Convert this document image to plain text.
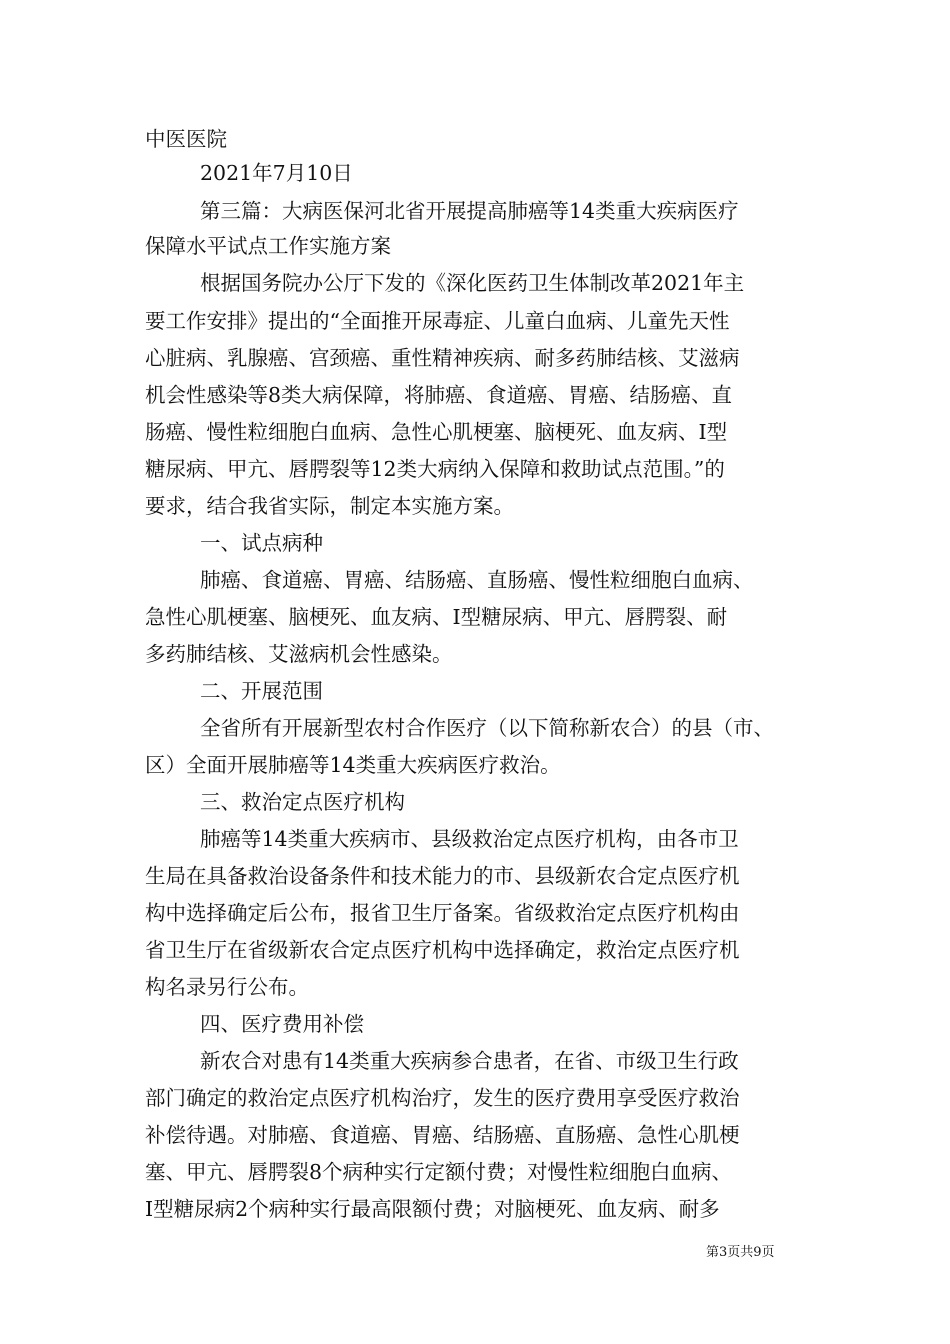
中医医院
2021年7月10日
第三篇：大病医保河北省开展提高肺癌等14类重大疾病医疗
保障水平试点工作实施方案
根据国务院办公厅下发的《深化医药卫生体制改革2021年主
要工作安排》提出的“全面推开尿毒症、儿童白血病、儿童先天性
心脏病、乳腺癌、宫颈癌、重性精神疾病、耐多药肺结核、艾滋病
机会性感染等8类大病保障，将肺癌、食道癌、胃癌、结肠癌、直
肠癌、慢性粒细胞白血病、急性心肌梗塞、脑梗死、血友病、Ⅰ型
糖尿病、甲亢、唇腭裂等12类大病纳入保障和救助试点范围。”的
要求，结合我省实际，制定本实施方案。
一、试点病种
肺癌、食道癌、胃癌、结肠癌、直肠癌、慢性粒细胞白血病、
急性心肌梗塞、脑梗死、血友病、Ⅰ型糖尿病、甲亢、唇腭裂、耐
多药肺结核、艾滋病机会性感染。
二、开展范围
全省所有开展新型农村合作医疗（以下简称新农合）的县（市、
区）全面开展肺癌等14类重大疾病医疗救治。
三、救治定点医疗机构
肺癌等14类重大疾病市、县级救治定点医疗机构，由各市卫
生局在具备救治设备条件和技术能力的市、县级新农合定点医疗机
构中选择确定后公布，报省卫生厅备案。省级救治定点医疗机构由
省卫生厅在省级新农合定点医疗机构中选择确定，救治定点医疗机
构名录另行公布。
四、医疗费用补偿
新农合对患有14类重大疾病参合患者，在省、市级卫生行政
部门确定的救治定点医疗机构治疗，发生的医疗费用享受医疗救治
补偿待遇。对肺癌、食道癌、胃癌、结肠癌、直肠癌、急性心肌梗
塞、甲亢、唇腭裂8个病种实行定额付费；对慢性粒细胞白血病、
Ⅰ型糖尿病2个病种实行最高限额付费；对脑梗死、血友病、耐多
第3页共9页
